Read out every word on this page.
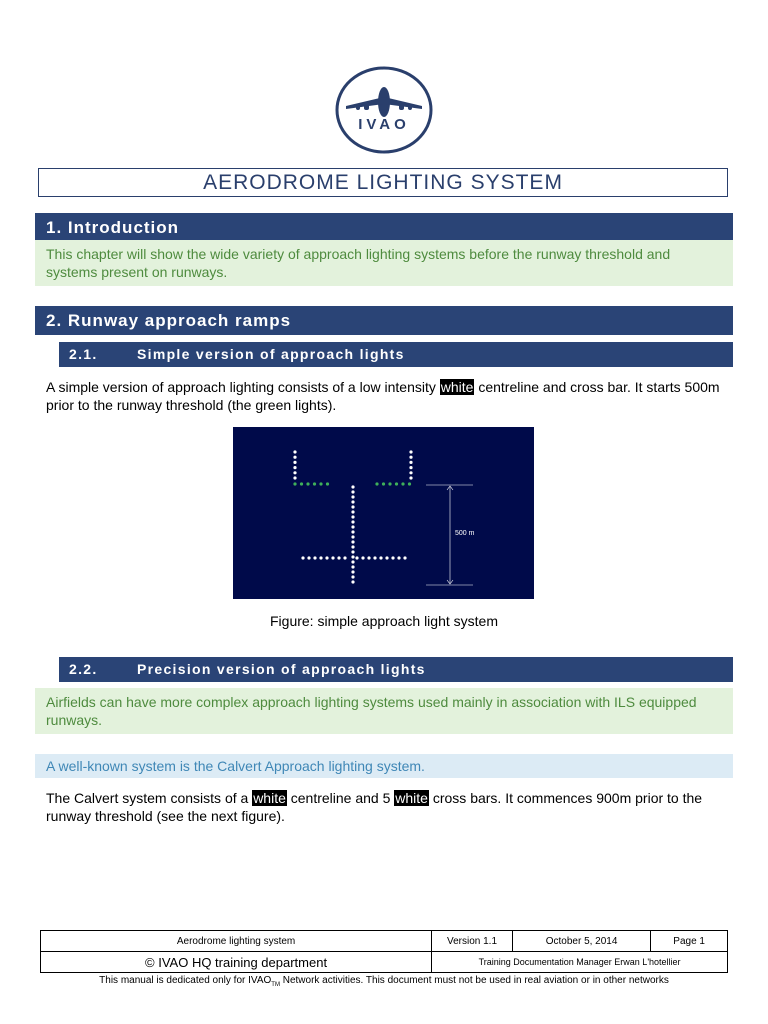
IVAO
AERODROME LIGHTING SYSTEM
1. Introduction
This chapter will show the wide variety of approach lighting systems before the runway threshold and systems present on runways.
2. Runway approach ramps
2.1.	Simple version of approach lights
A simple version of approach lighting consists of a low intensity white centreline and cross bar. It starts 500m prior to the runway threshold (the green lights).
500 m
Figure: simple approach light system
2.2.	Precision version of approach lights
Airfields can have more complex approach lighting systems used mainly in association with ILS equipped runways.
A well-known system is the Calvert Approach lighting system.
The Calvert system consists of a white centreline and 5 white cross bars. It commences 900m prior to the runway threshold (see the next figure).
Aerodrome lighting system	Version 1.1	October 5, 2014	Page 1
© IVAO HQ training department	Training Documentation Manager Erwan L'hotellier		
This manual is dedicated only for $IVAO_{TM}$ Network activities. This document must not be used in real aviation or in other networks
